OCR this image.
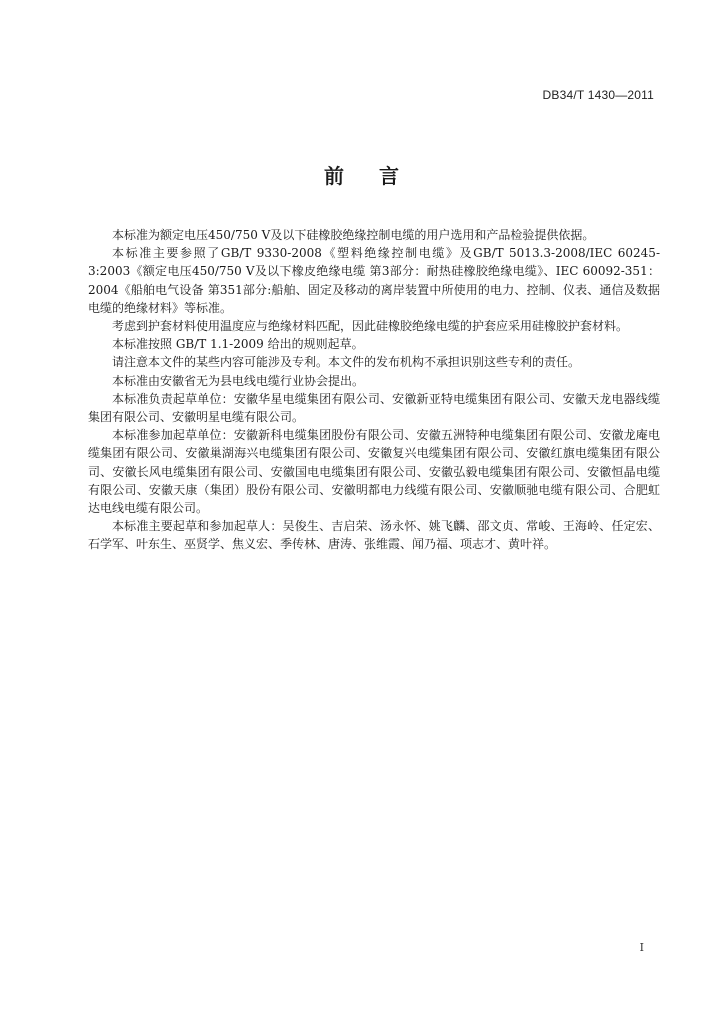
DB34/T 1430—2011
前 言

本标准为额定电压450/750 V及以下硅橡胶绝缘控制电缆的用户选用和产品检验提供依据。

本标准主要参照了GB/T 9330-2008《塑料绝缘控制电缆》及GB/T 5013.3-2008/IEC 60245-3:2003《额定电压450/750 V及以下橡皮绝缘电缆 第3部分：耐热硅橡胶绝缘电缆》、IEC 60092-351：2004《船舶电气设备 第351部分:船舶、固定及移动的离岸装置中所使用的电力、控制、仪表、通信及数据电缆的绝缘材料》等标准。

考虑到护套材料使用温度应与绝缘材料匹配，因此硅橡胶绝缘电缆的护套应采用硅橡胶护套材料。

本标准按照 GB/T 1.1-2009 给出的规则起草。

请注意本文件的某些内容可能涉及专利。本文件的发布机构不承担识别这些专利的责任。

本标准由安徽省无为县电线电缆行业协会提出。

本标准负责起草单位：安徽华星电缆集团有限公司、安徽新亚特电缆集团有限公司、安徽天龙电器线缆集团有限公司、安徽明星电缆有限公司。

本标准参加起草单位：安徽新科电缆集团股份有限公司、安徽五洲特种电缆集团有限公司、安徽龙庵电缆集团有限公司、安徽巢湖海兴电缆集团有限公司、安徽复兴电缆集团有限公司、安徽红旗电缆集团有限公司、安徽长风电缆集团有限公司、安徽国电电缆集团有限公司、安徽弘毅电缆集团有限公司、安徽恒晶电缆有限公司、安徽天康（集团）股份有限公司、安徽明都电力线缆有限公司、安徽顺驰电缆有限公司、合肥虹达电线电缆有限公司。

本标准主要起草和参加起草人：吴俊生、吉启荣、汤永怀、姚飞麟、邵文贞、常峻、王海岭、任定宏、石学军、叶东生、巫贤学、焦义宏、季传林、唐涛、张维霞、闻乃福、项志才、黄叶祥。

I
